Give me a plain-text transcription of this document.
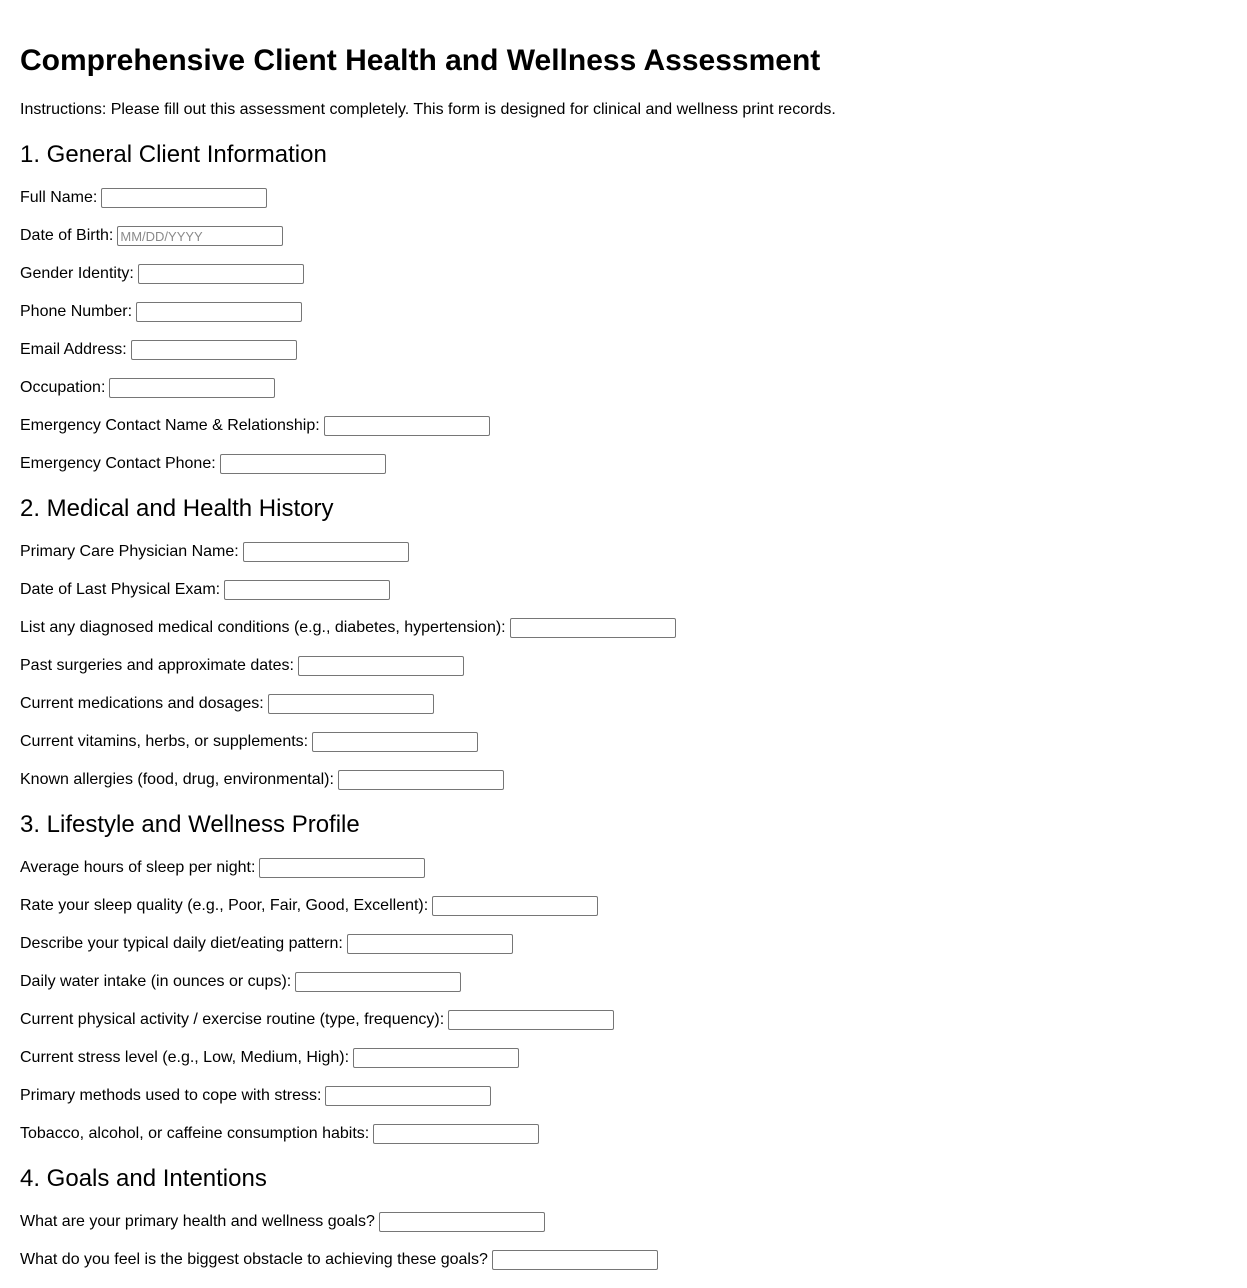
Comprehensive Client Health and Wellness Assessment

Instructions: Please fill out this assessment completely. This form is designed for clinical and wellness print records.

1. General Client Information
Full Name:
Date of Birth:
MM/DD/YYYY
Gender Identity:
Phone Number:
Email Address:
Occupation:
Emergency Contact Name & Relationship:
Emergency Contact Phone:
2. Medical and Health History
Primary Care Physician Name:
Date of Last Physical Exam:
List any diagnosed medical conditions (e.g., diabetes, hypertension):
Past surgeries and approximate dates:
Current medications and dosages:
Current vitamins, herbs, or supplements:
Known allergies (food, drug, environmental):
3. Lifestyle and Wellness Profile
Average hours of sleep per night:
Rate your sleep quality (e.g., Poor, Fair, Good, Excellent):
Describe your typical daily diet/eating pattern:
Daily water intake (in ounces or cups):
Current physical activity / exercise routine (type, frequency):
Current stress level (e.g., Low, Medium, High):
Primary methods used to cope with stress:
Tobacco, alcohol, or caffeine consumption habits:
4. Goals and Intentions
What are your primary health and wellness goals?
What do you feel is the biggest obstacle to achieving these goals?
